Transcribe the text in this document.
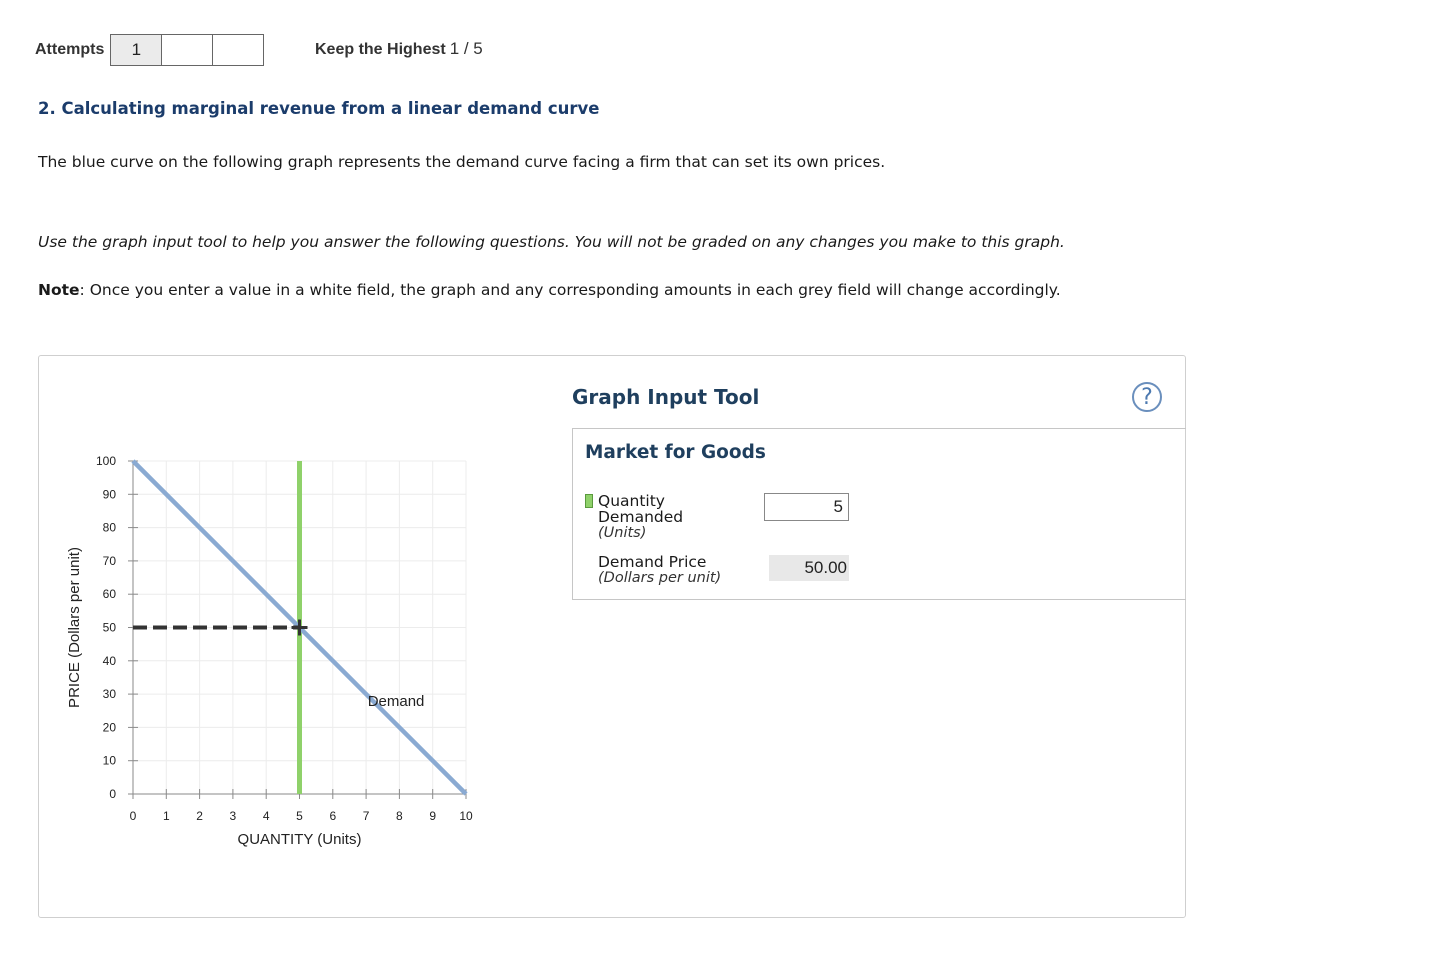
Attempts	1	Keep the Highest 1 / 5
2. Calculating marginal revenue from a linear demand curve

The blue curve on the following graph represents the demand curve facing a firm that can set its own prices.

Use the graph input tool to help you answer the following questions. You will not be graded on any changes you make to this graph.

Note: Once you enter a value in a white field, the graph and any corresponding amounts in each grey field will change accordingly.

0 1 2 3 4 5 6 7 8 9 10
0
10
20
30
40
50
60
70
80
90
100
Demand
QUANTITY (Units)
PRICE (Dollars per unit)
Graph Input Tool	?
Market for Goods
Quantity
Demanded
(Units)
5
Demand Price
(Dollars per unit)
50.00
